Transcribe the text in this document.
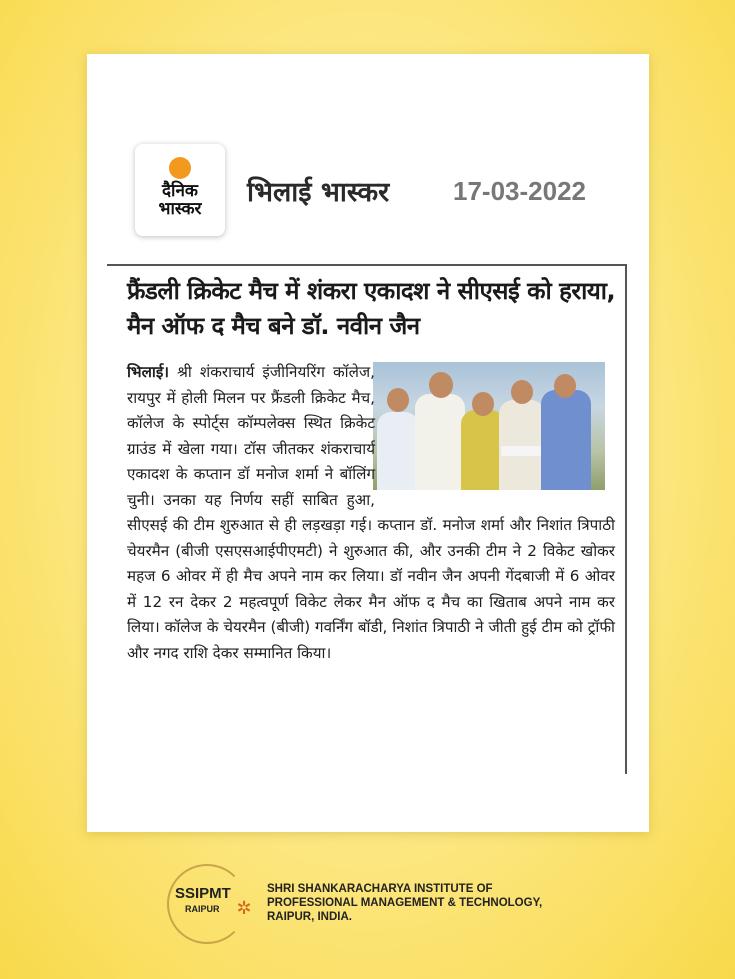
दैनिक
भास्कर
भिलाई भास्कर 17-03-2022
फ्रैंडली क्रिकेट मैच में शंकरा एकादश ने सीएसई को हराया, मैन ऑफ द मैच बने डॉ. नवीन जैन
भिलाई। श्री शंकराचार्य इंजीनियरिंग कॉलेज, रायपुर में होली मिलन पर फ्रैंडली क्रिकेट मैच, कॉलेज के स्पोर्ट्स कॉम्पलेक्स स्थित क्रिकेट ग्राउंड में खेला गया। टॉस जीतकर शंकराचार्य एकादश के कप्तान डॉ मनोज शर्मा ने बॉलिंग चुनी। उनका यह निर्णय सहीं साबित हुआ, सीएसई की टीम शुरुआत से ही लड़खड़ा गई। कप्तान डॉ. मनोज शर्मा और निशांत त्रिपाठी चेयरमैन (बीजी एसएसआईपीएमटी) ने शुरुआत की, और उनकी टीम ने 2 विकेट खोकर महज 6 ओवर में ही मैच अपने नाम कर लिया। डॉ नवीन जैन अपनी गेंदबाजी में 6 ओवर में 12 रन देकर 2 महत्वपूर्ण विकेट लेकर मैन ऑफ द मैच का खिताब अपने नाम कर लिया। कॉलेज के चेयरमैन (बीजी) गवर्निंग बॉडी, निशांत त्रिपाठी ने जीती हुई टीम को ट्रॉफी और नगद राशि देकर सम्मानित किया।
SSIPMT
RAIPUR ✲
SHRI SHANKARACHARYA INSTITUTE OF
PROFESSIONAL MANAGEMENT & TECHNOLOGY,
RAIPUR, INDIA.
